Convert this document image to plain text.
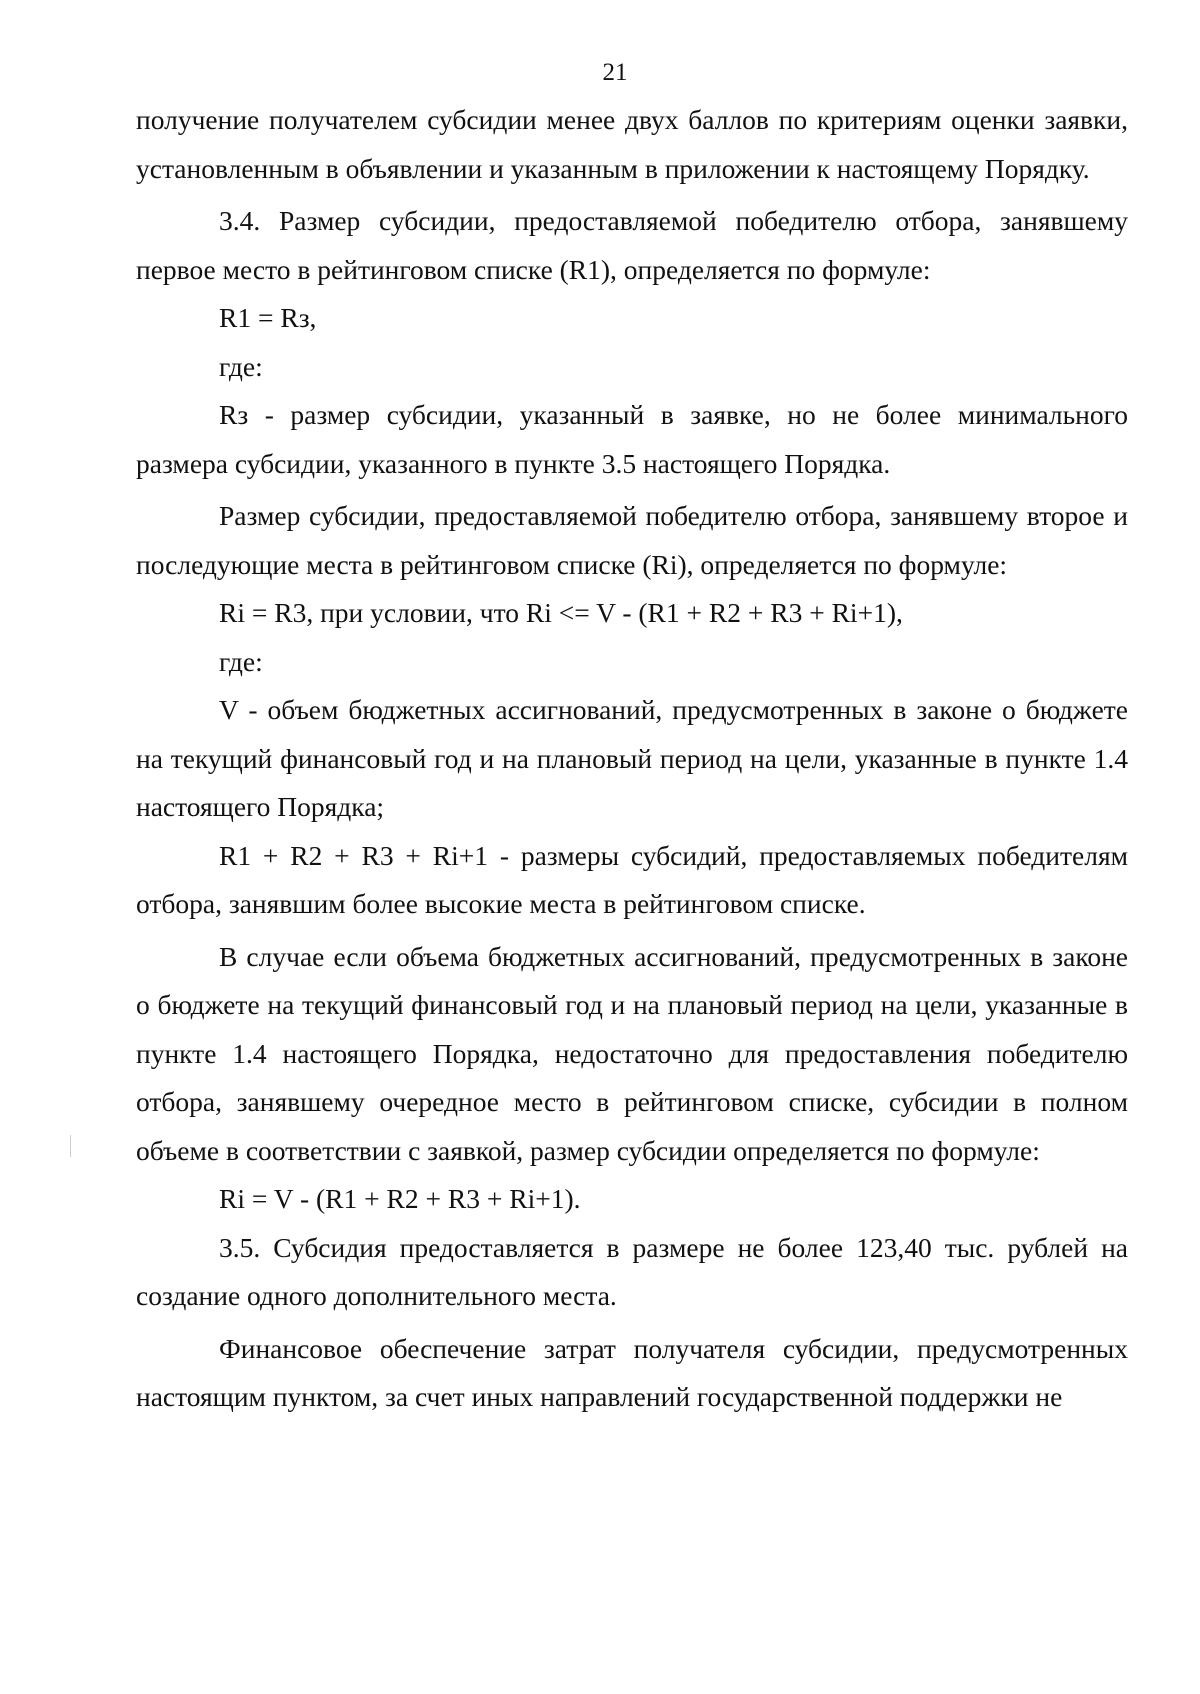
21

получение получателем субсидии менее двух баллов по критериям оценки заявки, установленным в объявлении и указанным в приложении к настоящему Порядку.

3.4. Размер субсидии, предоставляемой победителю отбора, занявшему первое место в рейтинговом списке (R1), определяется по формуле:

R1 = Rз,

где:

Rз - размер субсидии, указанный в заявке, но не более минимального размера субсидии, указанного в пункте 3.5 настоящего Порядка.

Размер субсидии, предоставляемой победителю отбора, занявшему второе и последующие места в рейтинговом списке (Ri), определяется по формуле:

Ri = R3, при условии, что Ri <= V - (R1 + R2 + R3 + Ri+1),

где:

V - объем бюджетных ассигнований, предусмотренных в законе о бюджете на текущий финансовый год и на плановый период на цели, указанные в пункте 1.4 настоящего Порядка;

R1 + R2 + R3 + Ri+1 - размеры субсидий, предоставляемых победителям отбора, занявшим более высокие места в рейтинговом списке.

В случае если объема бюджетных ассигнований, предусмотренных в законе о бюджете на текущий финансовый год и на плановый период на цели, указанные в пункте 1.4 настоящего Порядка, недостаточно для предоставления победителю отбора, занявшему очередное место в рейтинговом списке, субсидии в полном объеме в соответствии с заявкой, размер субсидии определяется по формуле:

Ri = V - (R1 + R2 + R3 + Ri+1).

3.5. Субсидия предоставляется в размере не более 123,40 тыс. рублей на создание одного дополнительного места.

Финансовое обеспечение затрат получателя субсидии, предусмотренных настоящим пунктом, за счет иных направлений государственной поддержки не
